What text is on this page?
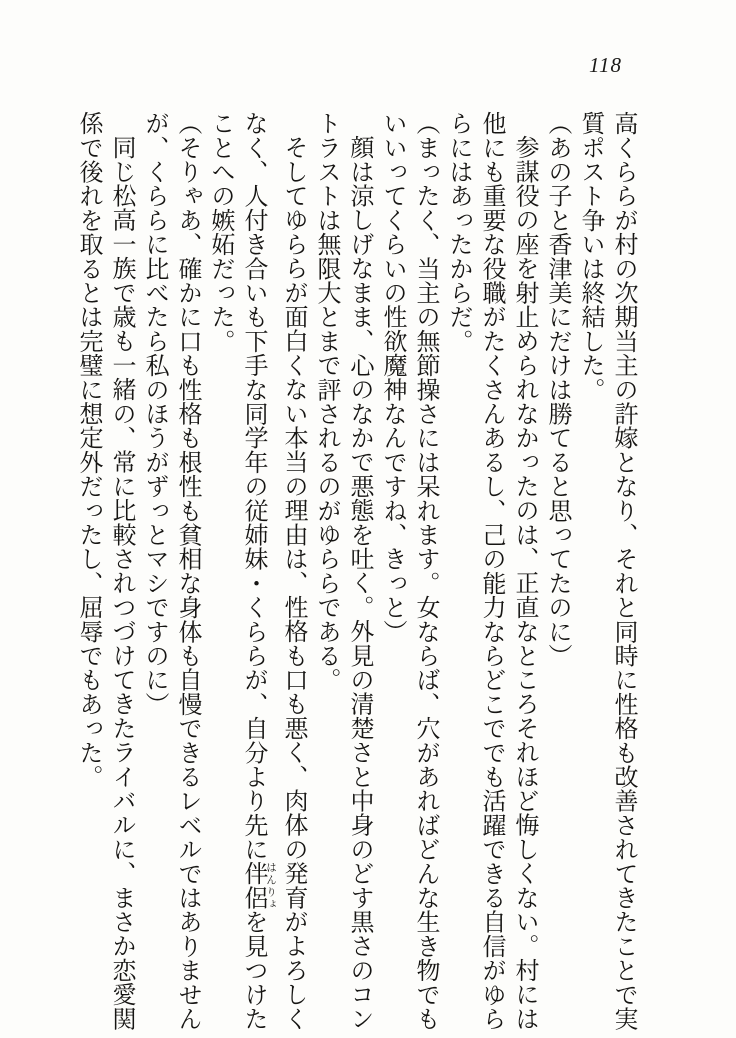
118
高くららが村の次期当主の許嫁となり、それと同時に性格も改善されてきたことで実
質ポスト争いは終結した。
（あの子と香津美にだけは勝てると思ってたのに）
参謀役の座を射止められなかったのは、正直なところそれほど悔しくない。村には
他にも重要な役職がたくさんあるし、己の能力ならどこででも活躍できる自信がゆら
らにはあったからだ。
（まったく、当主の無節操さには呆れます。女ならば、穴があればどんな生き物でも
いいってくらいの性欲魔神なんですね、きっと）
顔は涼しげなまま、心のなかで悪態を吐く。外見の清楚さと中身のどす黒さのコン
トラストは無限大とまで評されるのがゆららである。
そしてゆららが面白くない本当の理由は、性格も口も悪く、肉体の発育がよろしく
なく、人付き合いも下手な同学年の従姉妹・くららが、自分より先に伴侶 はんりょを見つけた
ことへの嫉妬だった。
（そりゃあ、確かに口も性格も根性も貧相な身体も自慢できるレベルではありません
が、くららに比べたら私のほうがずっとマシですのに）
同じ松高一族で歳も一緒の、常に比較されつづけてきたライバルに、まさか恋愛関
係で後れを取るとは完璧に想定外だったし、屈辱でもあった。
